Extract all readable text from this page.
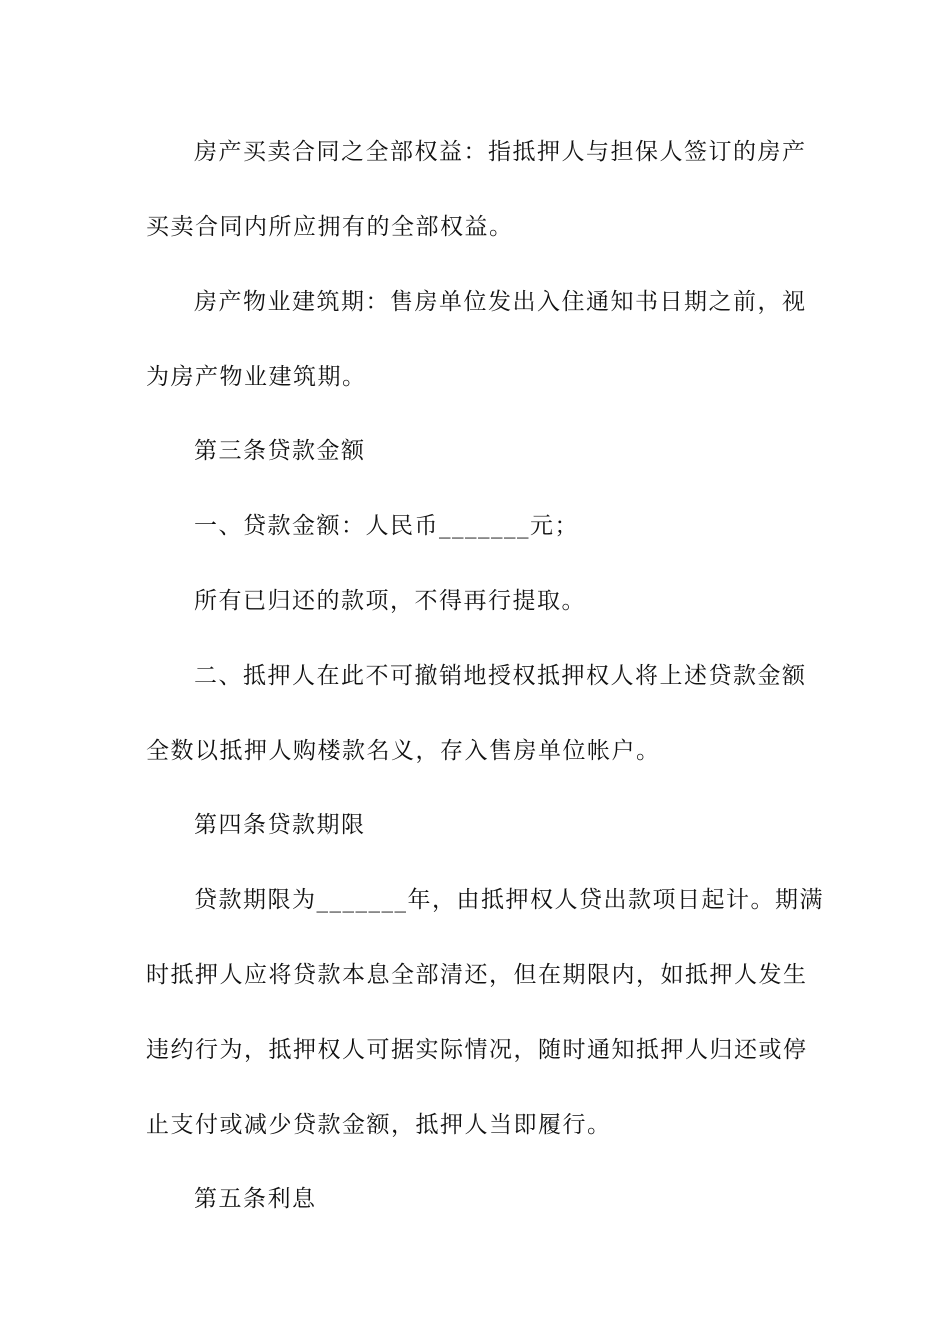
房产买卖合同之全部权益：指抵押人与担保人签订的房产
买卖合同内所应拥有的全部权益。
房产物业建筑期：售房单位发出入住通知书日期之前，视
为房产物业建筑期。
第三条贷款金额
一、贷款金额：人民币_______元；
所有已归还的款项，不得再行提取。
二、抵押人在此不可撤销地授权抵押权人将上述贷款金额
全数以抵押人购楼款名义，存入售房单位帐户。
第四条贷款期限
贷款期限为_______年，由抵押权人贷出款项日起计。期满
时抵押人应将贷款本息全部清还，但在期限内，如抵押人发生
违约行为，抵押权人可据实际情况，随时通知抵押人归还或停
止支付或减少贷款金额，抵押人当即履行。
第五条利息
